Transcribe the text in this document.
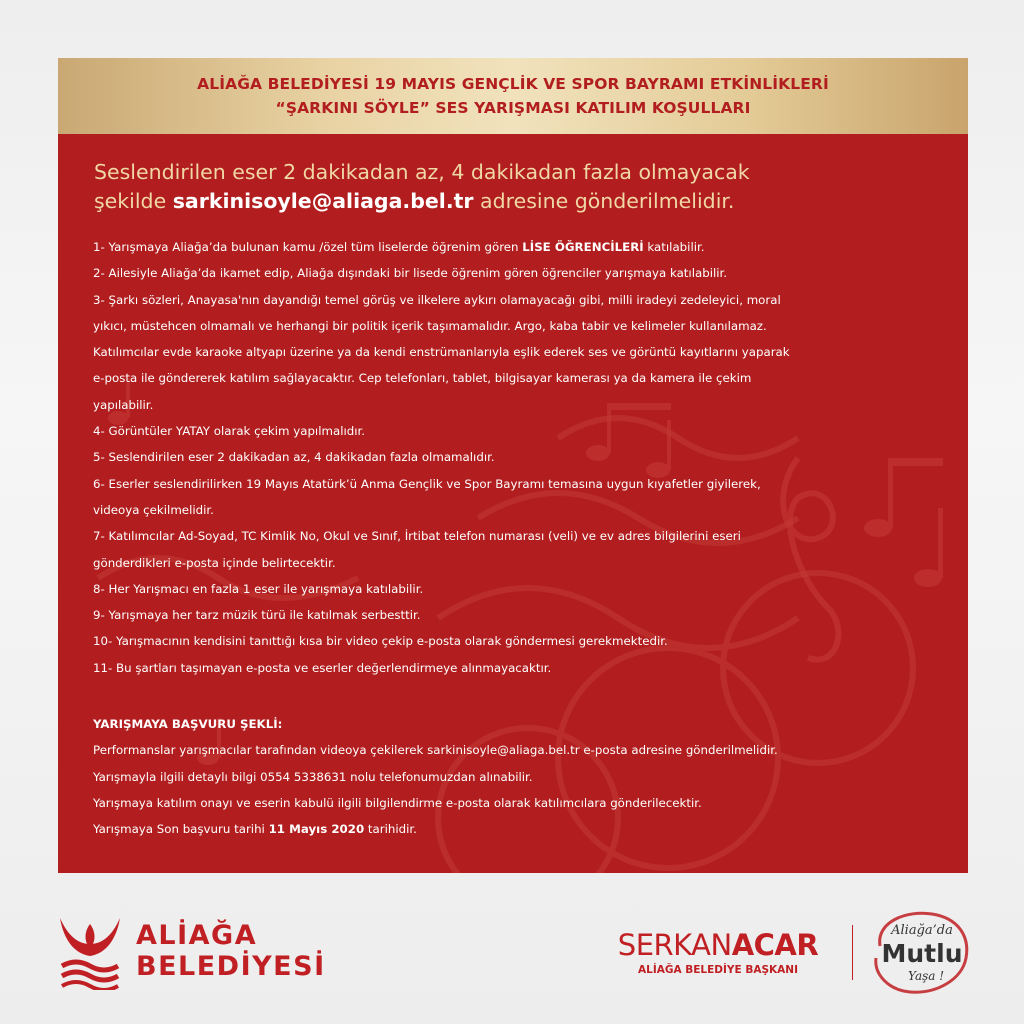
ALİAĞA BELEDİYESİ 19 MAYIS GENÇLİK VE SPOR BAYRAMI ETKİNLİKLERİ
“ŞARKINI SÖYLE” SES YARIŞMASI KATILIM KOŞULLARI
Seslendirilen eser 2 dakikadan az, 4 dakikadan fazla olmayacak
şekilde sarkinisoyle@aliaga.bel.tr adresine gönderilmelidir.

1- Yarışmaya Aliağa’da bulunan kamu /özel tüm liselerde öğrenim gören LİSE ÖĞRENCİLERİ katılabilir.

2- Ailesiyle Aliağa’da ikamet edip, Aliağa dışındaki bir lisede öğrenim gören öğrenciler yarışmaya katılabilir.

3- Şarkı sözleri, Anayasa'nın dayandığı temel görüş ve ilkelere aykırı olamayacağı gibi, milli iradeyi zedeleyici, moral

yıkıcı, müstehcen olmamalı ve herhangi bir politik içerik taşımamalıdır. Argo, kaba tabir ve kelimeler kullanılamaz.

Katılımcılar evde karaoke altyapı üzerine ya da kendi enstrümanlarıyla eşlik ederek ses ve görüntü kayıtlarını yaparak

e-posta ile göndererek katılım sağlayacaktır. Cep telefonları, tablet, bilgisayar kamerası ya da kamera ile çekim

yapılabilir.

4- Görüntüler YATAY olarak çekim yapılmalıdır.

5- Seslendirilen eser 2 dakikadan az, 4 dakikadan fazla olmamalıdır.

6- Eserler seslendirilirken 19 Mayıs Atatürk’ü Anma Gençlik ve Spor Bayramı temasına uygun kıyafetler giyilerek,

videoya çekilmelidir.

7- Katılımcılar Ad-Soyad, TC Kimlik No, Okul ve Sınıf, İrtibat telefon numarası (veli) ve ev adres bilgilerini eseri

gönderdikleri e-posta içinde belirtecektir.

8- Her Yarışmacı en fazla 1 eser ile yarışmaya katılabilir.

9- Yarışmaya her tarz müzik türü ile katılmak serbesttir.

10- Yarışmacının kendisini tanıttığı kısa bir video çekip e-posta olarak göndermesi gerekmektedir.

11- Bu şartları taşımayan e-posta ve eserler değerlendirmeye alınmayacaktır.

YARIŞMAYA BAŞVURU ŞEKLİ:

Performanslar yarışmacılar tarafından videoya çekilerek sarkinisoyle@aliaga.bel.tr e-posta adresine gönderilmelidir.

Yarışmayla ilgili detaylı bilgi 0554 5338631 nolu telefonumuzdan alınabilir.

Yarışmaya katılım onayı ve eserin kabulü ilgili bilgilendirme e-posta olarak katılımcılara gönderilecektir.

Yarışmaya Son başvuru tarihi 11 Mayıs 2020 tarihidir.

ALİAĞA
BELEDİYESİ
SERKANACAR
ALİAĞA BELEDİYE BAŞKANI
Aliağa’da
Mutlu
Yaşa !
